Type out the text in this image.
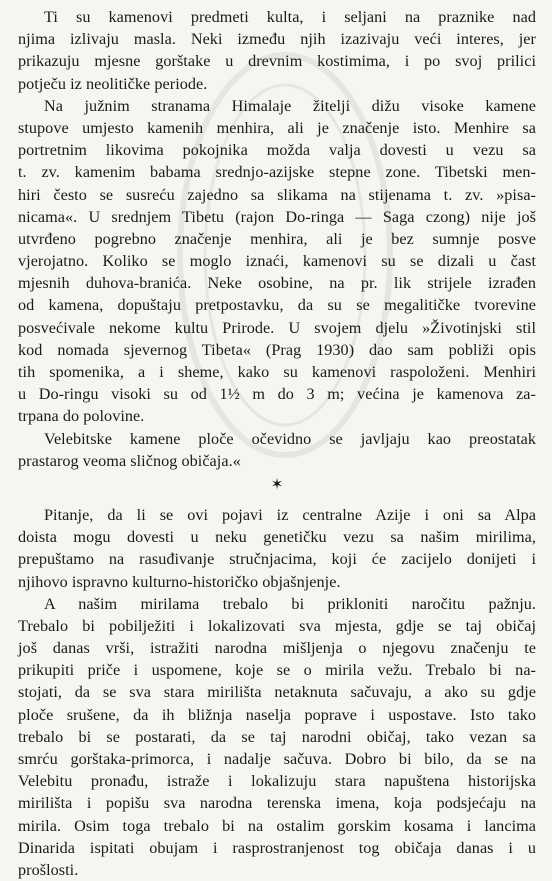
Ti su kamenovi predmeti kulta, i seljani na praznike nad
njima izlivaju masla. Neki između njih izazivaju veći interes, jer
prikazuju mjesne gorštake u drevnim kostimima, i po svoj prilici
potječu iz neolitičke periode.
Na južnim stranama Himalaje žitelji dižu visoke kamene
stupove umjesto kamenih menhira, ali je značenje isto. Menhire sa
portretnim likovima pokojnika možda valja dovesti u vezu sa
t. zv. kamenim babama srednjo-azijske stepne zone. Tibetski men-
hiri često se susreću zajedno sa slikama na stijenama t. zv. »pisa-
nicama«. U srednjem Tibetu (rajon Do-ringa — Saga czong) nije još
utvrđeno pogrebno značenje menhira, ali je bez sumnje posve
vjerojatno. Koliko se moglo iznaći, kamenovi su se dizali u čast
mjesnih duhova-branića. Neke osobine, na pr. lik strijele izrađen
od kamena, dopuštaju pretpostavku, da su se megalitičke tvorevine
posvećivale nekome kultu Prirode. U svojem djelu »Životinjski stil
kod nomada sjevernog Tibeta« (Prag 1930) dao sam pobliži opis
tih spomenika, a i sheme, kako su kamenovi raspoloženi. Menhiri
u Do-ringu visoki su od 1½ m do 3 m; većina je kamenova za-
trpana do polovine.
Velebitske kamene ploče očevidno se javljaju kao preostatak
prastarog veoma sličnog običaja.«
✶
Pitanje, da li se ovi pojavi iz centralne Azije i oni sa Alpa
doista mogu dovesti u neku genetičku vezu sa našim mirilima,
prepuštamo na rasuđivanje stručnjacima, koji će zacijelo donijeti i
njihovo ispravno kulturno-historičko objašnjenje.
A našim mirilama trebalo bi prikloniti naročitu pažnju.
Trebalo bi pobilježiti i lokalizovati sva mjesta, gdje se taj običaj
još danas vrši, istražiti narodna mišljenja o njegovu značenju te
prikupiti priče i uspomene, koje se o mirila vežu. Trebalo bi na-
stojati, da se sva stara mirilišta netaknuta sačuvaju, a ako su gdje
ploče srušene, da ih bližnja naselja poprave i uspostave. Isto tako
trebalo bi se postarati, da se taj narodni običaj, tako vezan sa
smrću gorštaka-primorca, i nadalje sačuva. Dobro bi bilo, da se na
Velebitu pronađu, istraže i lokalizuju stara napuštena historijska
mirilišta i popišu sva narodna terenska imena, koja podsjećaju na
mirila. Osim toga trebalo bi na ostalim gorskim kosama i lancima
Dinarida ispitati obujam i rasprostranjenost tog običaja danas i u
prošlosti.
